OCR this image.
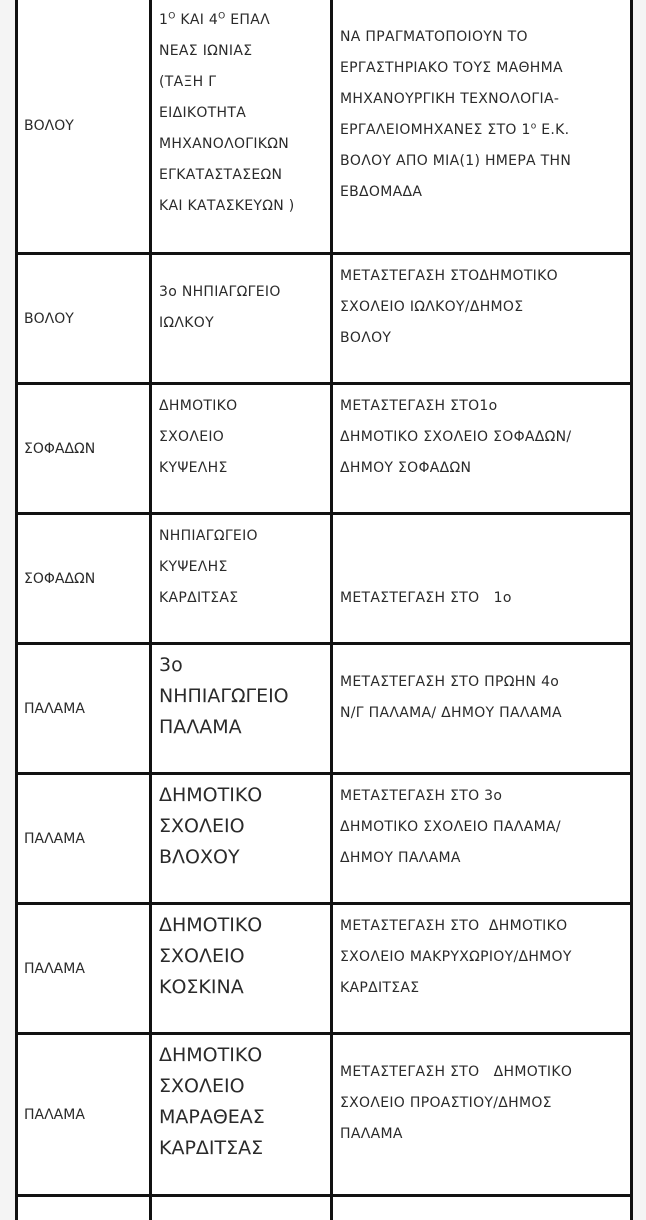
ΒΟΛΟΥ
$1^O$ ΚΑΙ $4^O$ ΕΠΑΛ
ΝΕΑΣ ΙΩΝΙΑΣ
(ΤΑΞΗ Γ
ΕΙΔΙΚΟΤΗΤΑ
ΜΗΧΑΝΟΛΟΓΙΚΩΝ
ΕΓΚΑΤΑΣΤΑΣΕΩΝ
ΚΑΙ ΚΑΤΑΣΚΕΥΩΝ )
ΝΑ ΠΡΑΓΜΑΤΟΠΟΙΟΥΝ ΤΟ
ΕΡΓΑΣΤΗΡΙΑΚΟ ΤΟΥΣ ΜΑΘΗΜΑ
ΜΗΧΑΝΟΥΡΓΙΚΗ ΤΕΧΝΟΛΟΓΙΑ-
ΕΡΓΑΛΕΙΟΜΗΧΑΝΕΣ ΣΤΟ $1^o$ Ε.Κ.
ΒΟΛΟΥ ΑΠΟ ΜΙΑ(1) ΗΜΕΡΑ ΤΗΝ
ΕΒΔΟΜΑΔΑ
ΒΟΛΟΥ
3ο ΝΗΠΙΑΓΩΓΕΙΟ
ΙΩΛΚΟΥ
ΜΕΤΑΣΤΕΓΑΣΗ ΣΤΟΔΗΜΟΤΙΚΟ
ΣΧΟΛΕΙΟ ΙΩΛΚΟΥ/ΔΗΜΟΣ
ΒΟΛΟΥ
ΣΟΦΑΔΩΝ
ΔΗΜΟΤΙΚΟ
ΣΧΟΛΕΙΟ
ΚΥΨΕΛΗΣ
ΜΕΤΑΣΤΕΓΑΣΗ ΣΤΟ1ο
ΔΗΜΟΤΙΚΟ ΣΧΟΛΕΙΟ ΣΟΦΑΔΩΝ/
ΔΗΜΟΥ ΣΟΦΑΔΩΝ
ΣΟΦΑΔΩΝ
ΝΗΠΙΑΓΩΓΕΙΟ
ΚΥΨΕΛΗΣ
ΚΑΡΔΙΤΣΑΣ

	ΜΕΤΑΣΤΕΓΑΣΗ ΣΤΟ   1ο

ΠΑΛΑΜΑ
3ο
ΝΗΠΙΑΓΩΓΕΙΟ
ΠΑΛΑΜΑ
ΜΕΤΑΣΤΕΓΑΣΗ ΣΤΟ ΠΡΩΗΝ 4ο
Ν/Γ ΠΑΛΑΜΑ/ ΔΗΜΟΥ ΠΑΛΑΜΑ
ΠΑΛΑΜΑ
ΔΗΜΟΤΙΚΟ
ΣΧΟΛΕΙΟ
ΒΛΟΧΟΥ
ΜΕΤΑΣΤΕΓΑΣΗ ΣΤΟ 3ο
ΔΗΜΟΤΙΚΟ ΣΧΟΛΕΙΟ ΠΑΛΑΜΑ/
ΔΗΜΟΥ ΠΑΛΑΜΑ
ΠΑΛΑΜΑ
ΔΗΜΟΤΙΚΟ
ΣΧΟΛΕΙΟ
ΚΟΣΚΙΝΑ
ΜΕΤΑΣΤΕΓΑΣΗ ΣΤΟ  ΔΗΜΟΤΙΚΟ
ΣΧΟΛΕΙΟ ΜΑΚΡΥΧΩΡΙΟΥ/ΔΗΜΟΥ
ΚΑΡΔΙΤΣΑΣ
ΠΑΛΑΜΑ
ΔΗΜΟΤΙΚΟ
ΣΧΟΛΕΙΟ
ΜΑΡΑΘΕΑΣ
ΚΑΡΔΙΤΣΑΣ
ΜΕΤΑΣΤΕΓΑΣΗ ΣΤΟ   ΔΗΜΟΤΙΚΟ
ΣΧΟΛΕΙΟ ΠΡΟΑΣΤΙΟΥ/ΔΗΜΟΣ
ΠΑΛΑΜΑ
